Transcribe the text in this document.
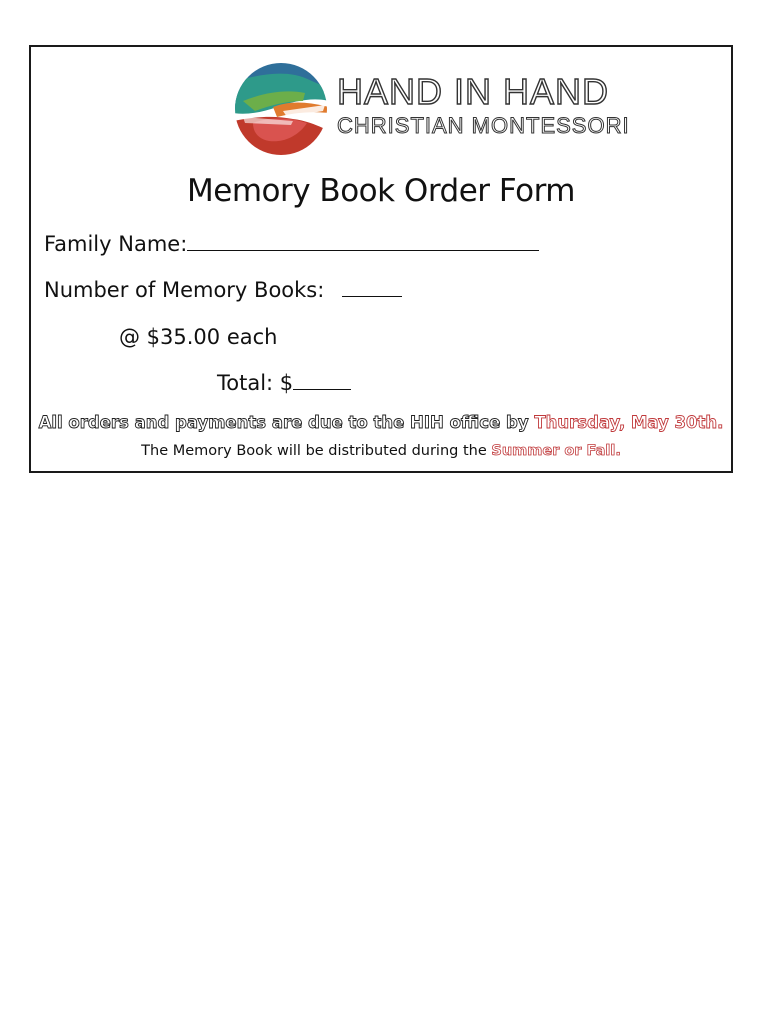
HAND IN HAND
CHRISTIAN MONTESSORI
Memory Book Order Form
Family Name:
Number of Memory Books:
@ $35.00 each
Total: $
All orders and payments are due to the HIH office by Thursday, May 30th.
The Memory Book will be distributed during the Summer or Fall.
